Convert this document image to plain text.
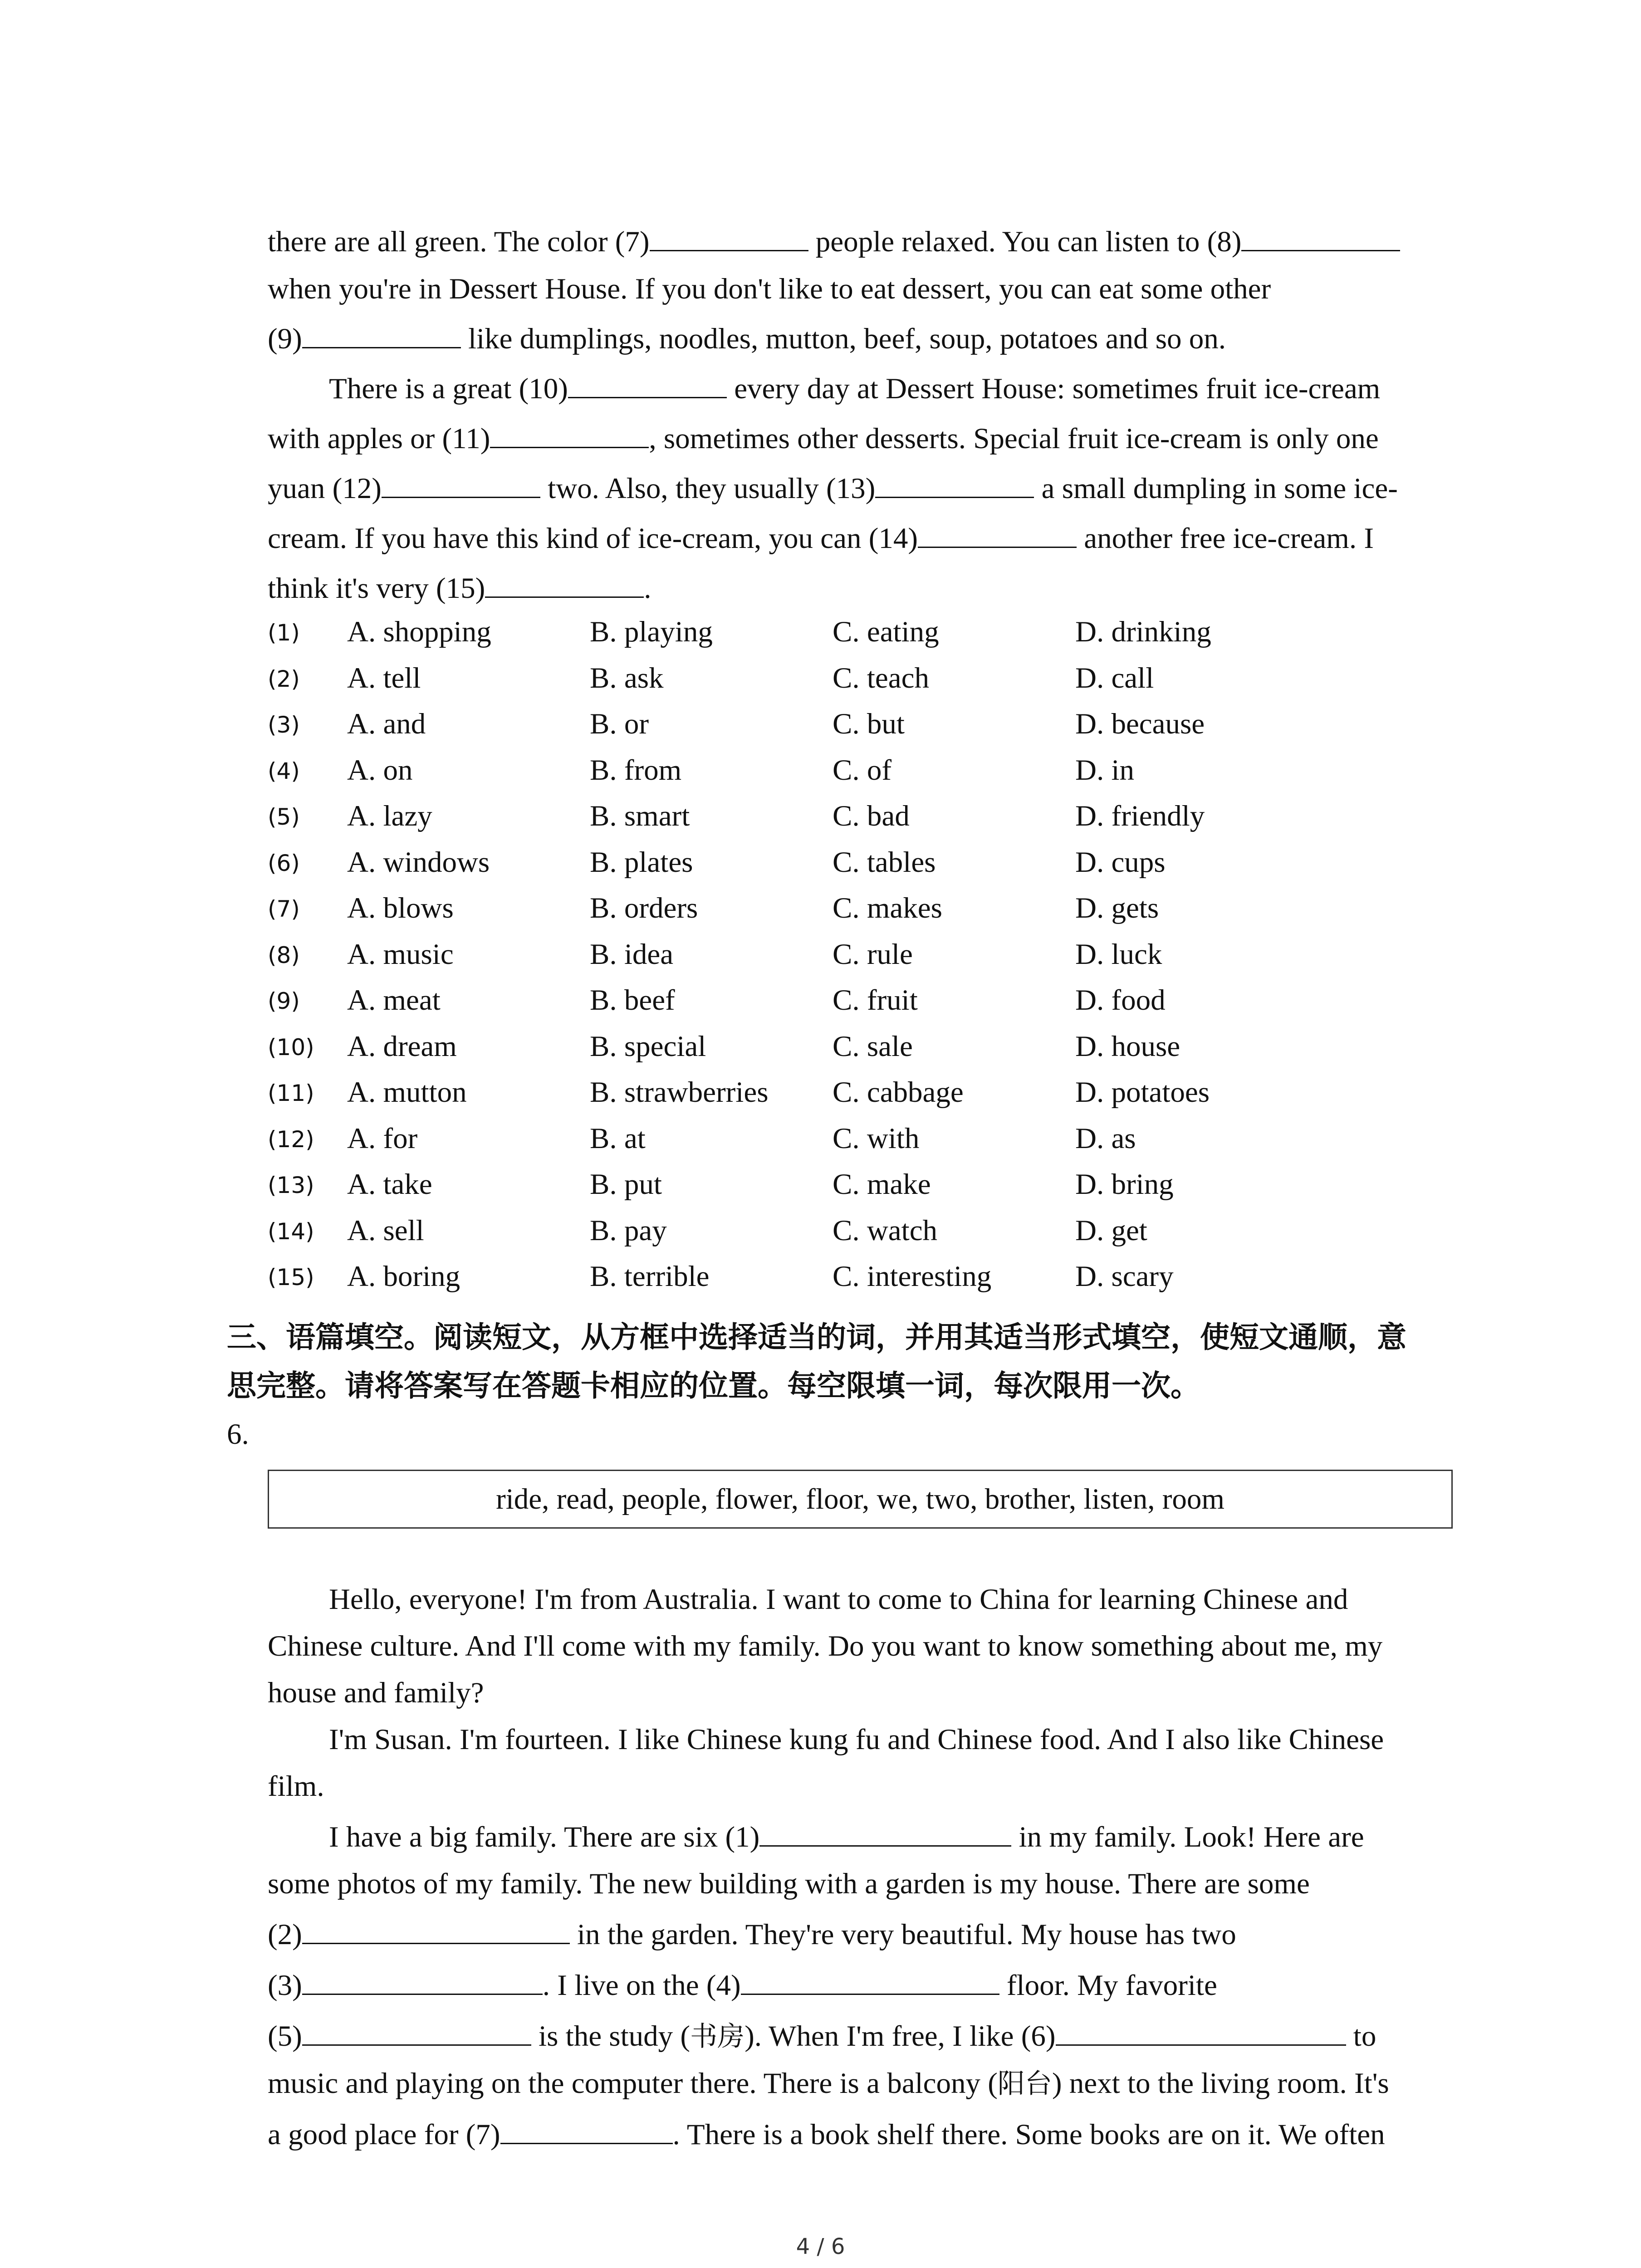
there are all green. The color (7)	people relaxed. You can listen to (8)
when you're in Dessert House. If you don't like to eat dessert, you can eat some other
(9)	like dumplings, noodles, mutton, beef, soup, potatoes and so on.
There is a great (10)	every day at Dessert House: sometimes fruit ice-cream
with apples or (11)	, sometimes other desserts. Special fruit ice-cream is only one
yuan (12)	two. Also, they usually (13)	a small dumpling in some ice-
cream. If you have this kind of ice-cream, you can (14)	another free ice-cream. I
think it's very (15)	.
(1) A. shopping	B. playing	C. eating	D. drinking
(2) A. tell	B. ask	C. teach	D. call
(3) A. and	B. or	C. but	D. because
(4) A. on	B. from	C. of	D. in
(5) A. lazy	B. smart	C. bad	D. friendly
(6) A. windows	B. plates	C. tables	D. cups
(7) A. blows	B. orders	C. makes	D. gets
(8) A. music	B. idea	C. rule	D. luck
(9) A. meat	B. beef	C. fruit	D. food
(10) A. dream	B. special	C. sale	D. house
(11) A. mutton	B. strawberries C. cabbage	D. potatoes
(12) A. for	B. at	C. with	D. as
(13) A. take	B. put	C. make	D. bring
(14) A. sell	B. pay	C. watch	D. get
(15) A. boring	B. terrible	C. interesting	D. scary
三、语篇填空。阅读短文，从方框中选择适当的词，并用其适当形式填空，使短文通顺，意
思完整。请将答案写在答题卡相应的位置。每空限填一词，每次限用一次。
6.
ride, read, people, flower, floor, we, two, brother, listen, room
Hello, everyone! I'm from Australia. I want to come to China for learning Chinese and
Chinese culture. And I'll come with my family. Do you want to know something about me, my
house and family?
I'm Susan. I'm fourteen. I like Chinese kung fu and Chinese food. And I also like Chinese
film.
I have a big family. There are six (1)	in my family. Look! Here are
some photos of my family. The new building with a garden is my house. There are some
(2)	in the garden. They're very beautiful. My house has two
(3)	. I live on the (4)	floor. My favorite
(5)	is the study (书房). When I'm free, I like (6)	to
music and playing on the computer there. There is a balcony (阳台) next to the living room. It's
a good place for (7)	. There is a book shelf there. Some books are on it. We often
4 / 6
